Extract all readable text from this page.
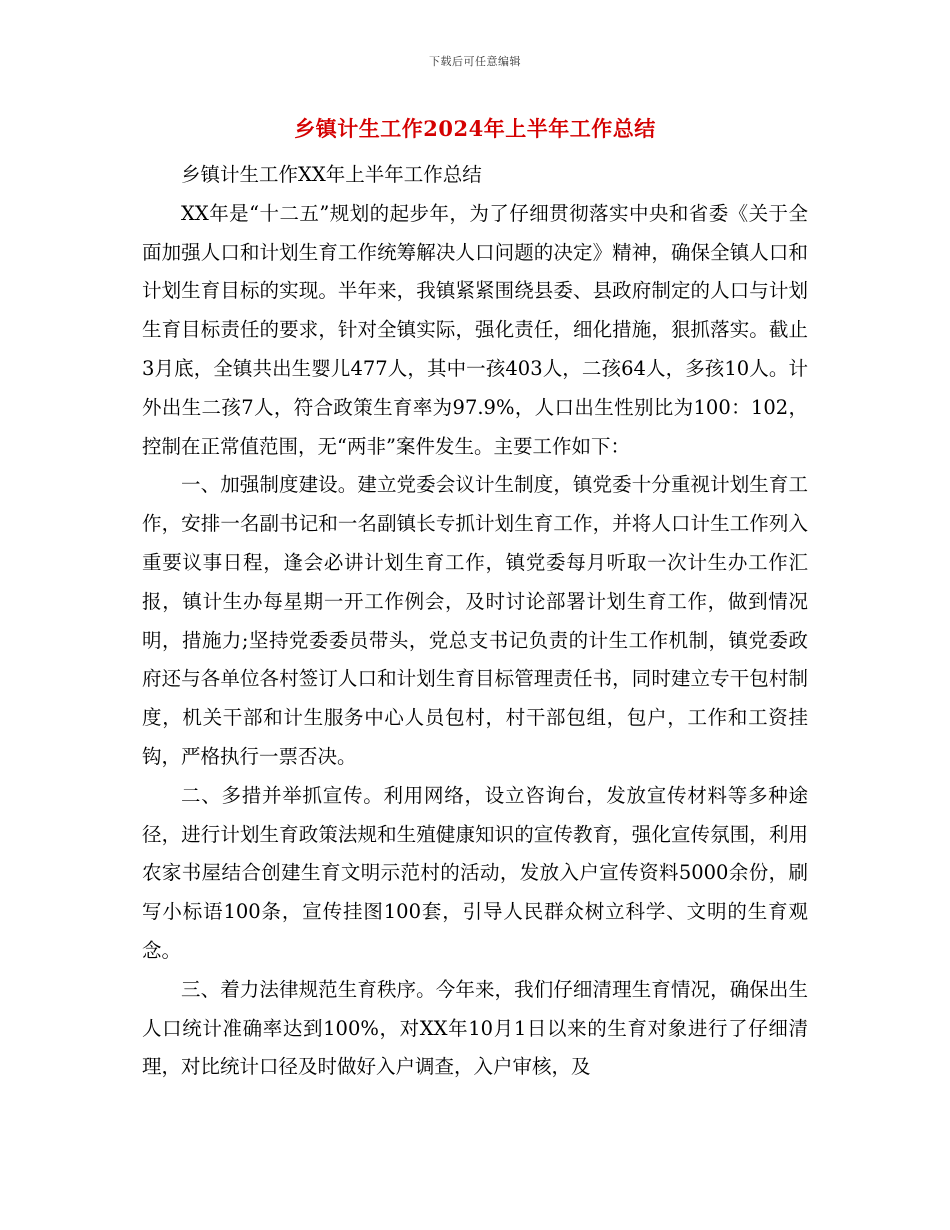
下载后可任意编辑
乡镇计生工作2024年上半年工作总结

乡镇计生工作XX年上半年工作总结

XX年是“十二五”规划的起步年，为了仔细贯彻落实中央和省委《关于全面加强人口和计划生育工作统筹解决人口问题的决定》精神，确保全镇人口和计划生育目标的实现。半年来，我镇紧紧围绕县委、县政府制定的人口与计划生育目标责任的要求，针对全镇实际，强化责任，细化措施，狠抓落实。截止3月底，全镇共出生婴儿477人，其中一孩403人，二孩64人，多孩10人。计外出生二孩7人，符合政策生育率为97.9%，人口出生性别比为100：102，控制在正常值范围，无“两非”案件发生。主要工作如下：

一、加强制度建设。建立党委会议计生制度，镇党委十分重视计划生育工作，安排一名副书记和一名副镇长专抓计划生育工作，并将人口计生工作列入重要议事日程，逢会必讲计划生育工作，镇党委每月听取一次计生办工作汇报，镇计生办每星期一开工作例会，及时讨论部署计划生育工作，做到情况明，措施力;坚持党委委员带头，党总支书记负责的计生工作机制，镇党委政府还与各单位各村签订人口和计划生育目标管理责任书，同时建立专干包村制度，机关干部和计生服务中心人员包村，村干部包组，包户，工作和工资挂钩，严格执行一票否决。

二、多措并举抓宣传。利用网络，设立咨询台，发放宣传材料等多种途径，进行计划生育政策法规和生殖健康知识的宣传教育，强化宣传氛围，利用农家书屋结合创建生育文明示范村的活动，发放入户宣传资料5000余份，刷写小标语100条，宣传挂图100套，引导人民群众树立科学、文明的生育观念。

三、着力法律规范生育秩序。今年来，我们仔细清理生育情况，确保出生人口统计准确率达到100%，对XX年10月1日以来的生育对象进行了仔细清理，对比统计口径及时做好入户调查，入户审核，及
